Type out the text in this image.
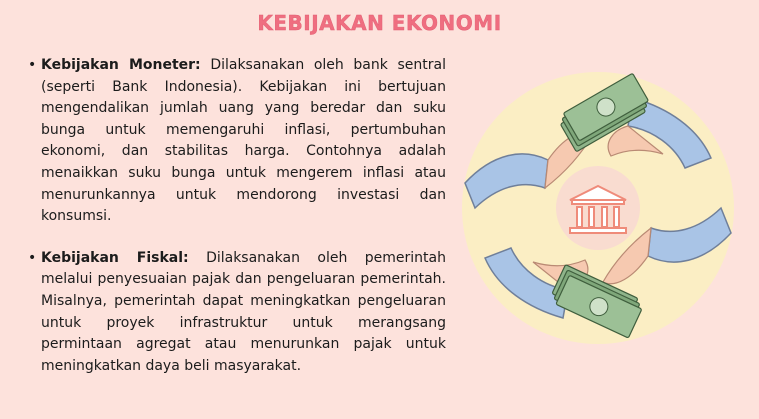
KEBIJAKAN EKONOMI
• Kebijakan Moneter: Dilaksanakan oleh bank sentral (seperti Bank Indonesia). Kebijakan ini bertujuan mengendalikan jumlah uang yang beredar dan suku bunga untuk memengaruhi inflasi, pertumbuhan ekonomi, dan stabilitas harga. Contohnya adalah menaikkan suku bunga untuk mengerem inflasi atau menurunkannya untuk mendorong investasi dan konsumsi.
• Kebijakan Fiskal: Dilaksanakan oleh pemerintah melalui penyesuaian pajak dan pengeluaran pemerintah. Misalnya, pemerintah dapat meningkatkan pengeluaran untuk proyek infrastruktur untuk merangsang permintaan agregat atau menurunkan pajak untuk meningkatkan daya beli masyarakat.
